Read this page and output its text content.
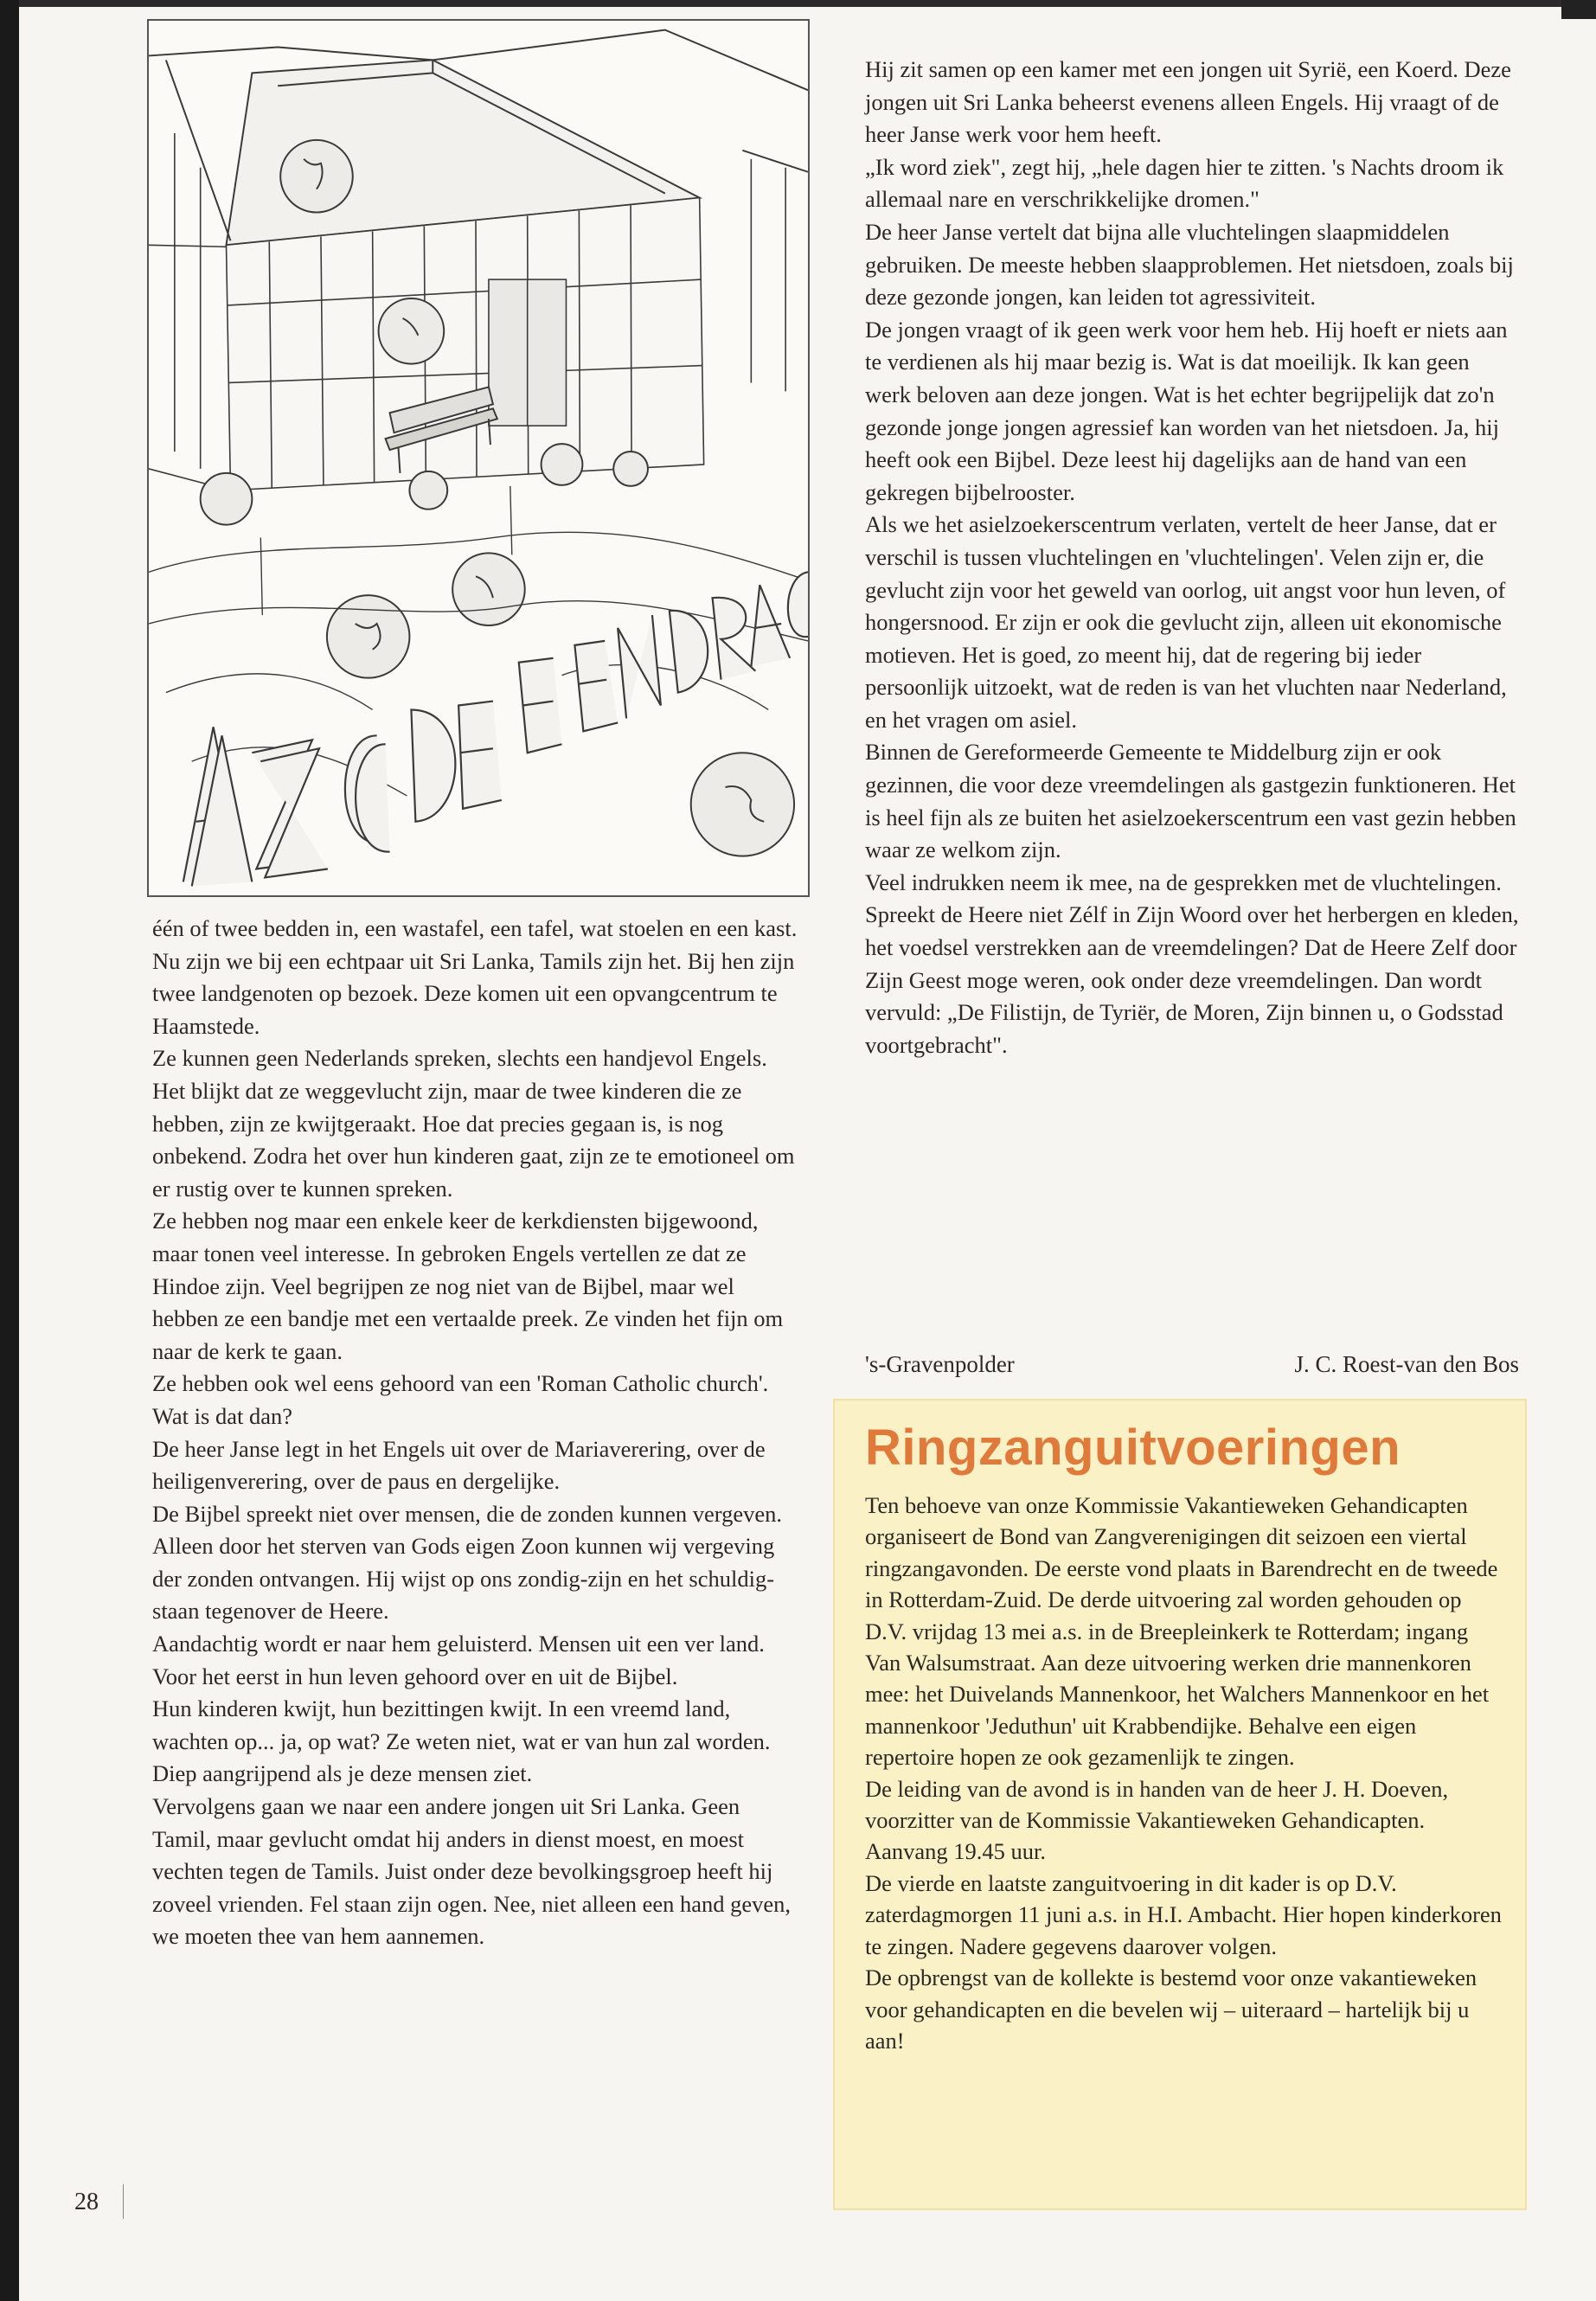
één of twee bedden in, een wastafel, een tafel, wat stoelen en een kast. Nu zijn we bij een echtpaar uit Sri Lanka, Tamils zijn het. Bij hen zijn twee landgenoten op bezoek. Deze komen uit een opvangcentrum te Haamstede.

Ze kunnen geen Nederlands spreken, slechts een handjevol Engels. Het blijkt dat ze weggevlucht zijn, maar de twee kinderen die ze hebben, zijn ze kwijtgeraakt. Hoe dat precies gegaan is, is nog onbekend. Zodra het over hun kinderen gaat, zijn ze te emotioneel om er rustig over te kunnen spreken.

Ze hebben nog maar een enkele keer de kerkdiensten bijgewoond, maar tonen veel interesse. In gebroken Engels vertellen ze dat ze Hindoe zijn. Veel begrijpen ze nog niet van de Bijbel, maar wel hebben ze een bandje met een vertaalde preek. Ze vinden het fijn om naar de kerk te gaan.

Ze hebben ook wel eens gehoord van een 'Roman Catholic church'. Wat is dat dan?

De heer Janse legt in het Engels uit over de Mariaverering, over de heiligenverering, over de paus en dergelijke.

De Bijbel spreekt niet over mensen, die de zonden kunnen vergeven. Alleen door het sterven van Gods eigen Zoon kunnen wij vergeving der zonden ontvangen. Hij wijst op ons zondig-zijn en het schuldig-staan tegenover de Heere.

Aandachtig wordt er naar hem geluisterd. Mensen uit een ver land. Voor het eerst in hun leven gehoord over en uit de Bijbel.

Hun kinderen kwijt, hun bezittingen kwijt. In een vreemd land, wachten op... ja, op wat? Ze weten niet, wat er van hun zal worden. Diep aangrijpend als je deze mensen ziet.

Vervolgens gaan we naar een andere jongen uit Sri Lanka. Geen Tamil, maar gevlucht omdat hij anders in dienst moest, en moest vechten tegen de Tamils. Juist onder deze bevolkingsgroep heeft hij zoveel vrienden. Fel staan zijn ogen. Nee, niet alleen een hand geven, we moeten thee van hem aannemen.

Hij zit samen op een kamer met een jongen uit Syrië, een Koerd. Deze jongen uit Sri Lanka beheerst evenens alleen Engels. Hij vraagt of de heer Janse werk voor hem heeft.

„Ik word ziek", zegt hij, „hele dagen hier te zitten. 's Nachts droom ik allemaal nare en verschrikkelijke dromen."

De heer Janse vertelt dat bijna alle vluchtelingen slaapmiddelen gebruiken. De meeste hebben slaapproblemen. Het nietsdoen, zoals bij deze gezonde jongen, kan leiden tot agressiviteit.

De jongen vraagt of ik geen werk voor hem heb. Hij hoeft er niets aan te verdienen als hij maar bezig is. Wat is dat moeilijk. Ik kan geen werk beloven aan deze jongen. Wat is het echter begrijpelijk dat zo'n gezonde jonge jongen agressief kan worden van het nietsdoen. Ja, hij heeft ook een Bijbel. Deze leest hij dagelijks aan de hand van een gekregen bijbelrooster.

Als we het asielzoekerscentrum verlaten, vertelt de heer Janse, dat er verschil is tussen vluchtelingen en 'vluchtelingen'. Velen zijn er, die gevlucht zijn voor het geweld van oorlog, uit angst voor hun leven, of hongersnood. Er zijn er ook die gevlucht zijn, alleen uit ekonomische motieven. Het is goed, zo meent hij, dat de regering bij ieder persoonlijk uitzoekt, wat de reden is van het vluchten naar Nederland, en het vragen om asiel.

Binnen de Gereformeerde Gemeente te Middelburg zijn er ook gezinnen, die voor deze vreemdelingen als gastgezin funktioneren. Het is heel fijn als ze buiten het asielzoekerscentrum een vast gezin hebben waar ze welkom zijn.

Veel indrukken neem ik mee, na de gesprekken met de vluchtelingen. Spreekt de Heere niet Zélf in Zijn Woord over het herbergen en kleden, het voedsel verstrekken aan de vreemdelingen? Dat de Heere Zelf door Zijn Geest moge weren, ook onder deze vreemdelingen. Dan wordt vervuld: „De Filistijn, de Tyriër, de Moren, Zijn binnen u, o Godsstad voortgebracht".

's-Gravenpolder	J. C. Roest-van den Bos
Ringzanguitvoeringen

Ten behoeve van onze Kommissie Vakantieweken Gehandicapten organiseert de Bond van Zangverenigingen dit seizoen een viertal ringzangavonden. De eerste vond plaats in Barendrecht en de tweede in Rotterdam-Zuid. De derde uitvoering zal worden gehouden op D.V. vrijdag 13 mei a.s. in de Breepleinkerk te Rotterdam; ingang Van Walsumstraat. Aan deze uitvoering werken drie mannenkoren mee: het Duivelands Mannenkoor, het Walchers Mannenkoor en het mannenkoor 'Jeduthun' uit Krabbendijke. Behalve een eigen repertoire hopen ze ook gezamenlijk te zingen.

De leiding van de avond is in handen van de heer J. H. Doeven, voorzitter van de Kommissie Vakantieweken Gehandicapten. Aanvang 19.45 uur.

De vierde en laatste zanguitvoering in dit kader is op D.V. zaterdagmorgen 11 juni a.s. in H.I. Ambacht. Hier hopen kinderkoren te zingen. Nadere gegevens daarover volgen.

De opbrengst van de kollekte is bestemd voor onze vakantieweken voor gehandicapten en die bevelen wij – uiteraard – hartelijk bij u aan!

28
